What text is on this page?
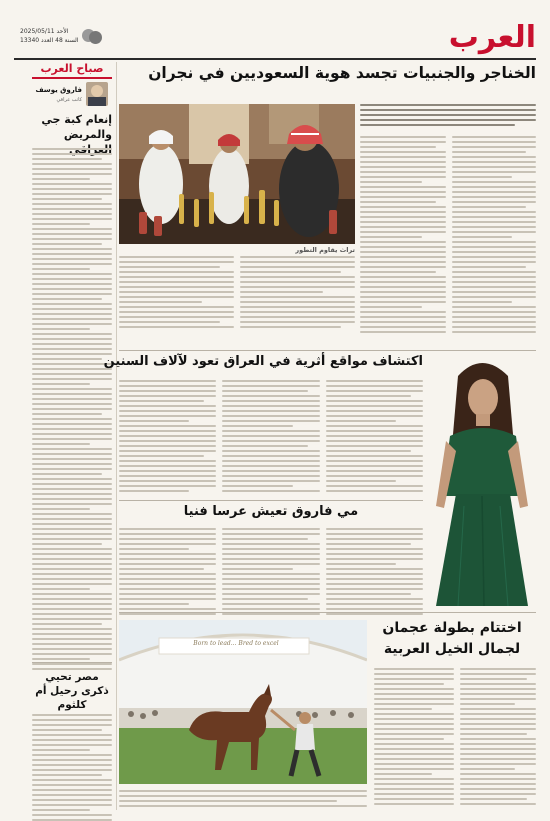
العرب
الأحد 2025/05/11
السنة 48 العدد 13340
صباح العرب
فاروق يوسف
كاتب عراقي
إنعام كبة جي والمريض
مصر تحيي ذكرى رحيل أم كلثوم
الخناجر والجنبيات تجسد هوية السعوديين في نجران
تراث يقاوم التطور
اكتشاف مواقع أثرية في العراق تعود لآلاف السنين
مي فاروق تعيش عرسا فنيا
اختتام بطولة عجمان لجمال الخيل العربية
Born to lead... Bred to excel
